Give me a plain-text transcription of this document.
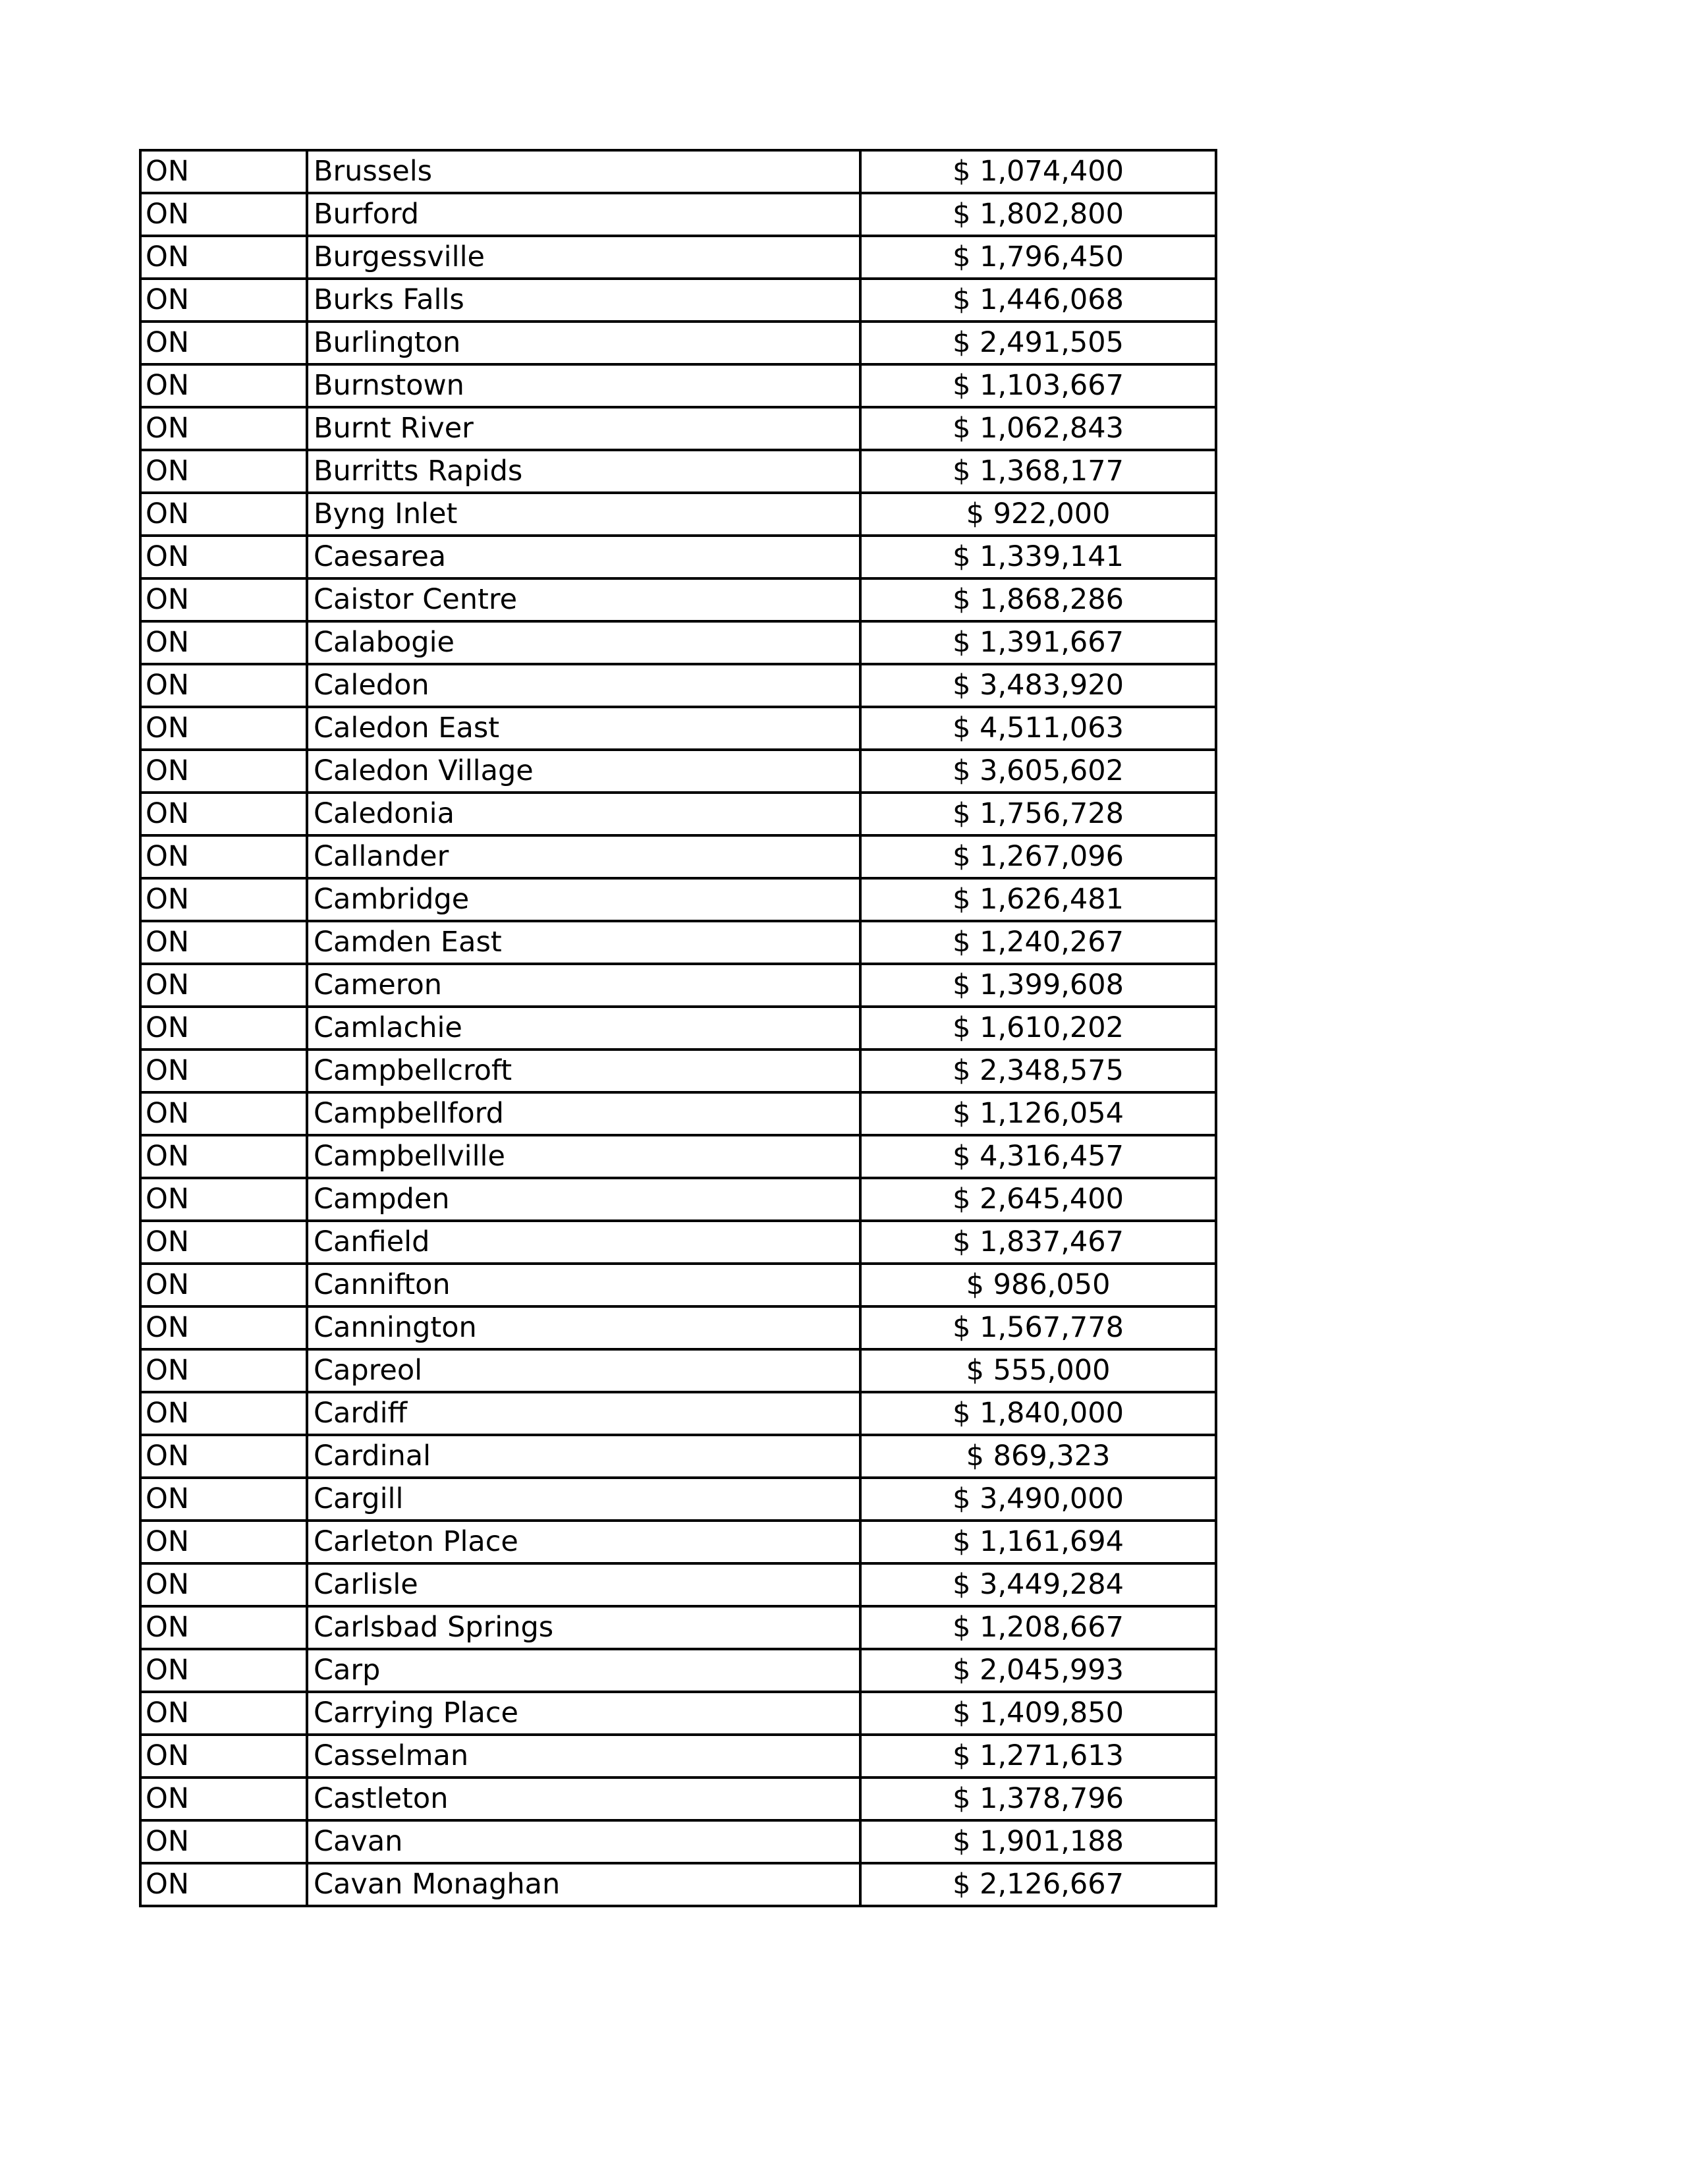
ON	Brussels	$ 1,074,400
ON	Burford	$ 1,802,800
ON	Burgessville	$ 1,796,450
ON	Burks Falls	$ 1,446,068
ON	Burlington	$ 2,491,505
ON	Burnstown	$ 1,103,667
ON	Burnt River	$ 1,062,843
ON	Burritts Rapids	$ 1,368,177
ON	Byng Inlet	$ 922,000
ON	Caesarea	$ 1,339,141
ON	Caistor Centre	$ 1,868,286
ON	Calabogie	$ 1,391,667
ON	Caledon	$ 3,483,920
ON	Caledon East	$ 4,511,063
ON	Caledon Village	$ 3,605,602
ON	Caledonia	$ 1,756,728
ON	Callander	$ 1,267,096
ON	Cambridge	$ 1,626,481
ON	Camden East	$ 1,240,267
ON	Cameron	$ 1,399,608
ON	Camlachie	$ 1,610,202
ON	Campbellcroft	$ 2,348,575
ON	Campbellford	$ 1,126,054
ON	Campbellville	$ 4,316,457
ON	Campden	$ 2,645,400
ON	Canfield	$ 1,837,467
ON	Cannifton	$ 986,050
ON	Cannington	$ 1,567,778
ON	Capreol	$ 555,000
ON	Cardiff	$ 1,840,000
ON	Cardinal	$ 869,323
ON	Cargill	$ 3,490,000
ON	Carleton Place	$ 1,161,694
ON	Carlisle	$ 3,449,284
ON	Carlsbad Springs	$ 1,208,667
ON	Carp	$ 2,045,993
ON	Carrying Place	$ 1,409,850
ON	Casselman	$ 1,271,613
ON	Castleton	$ 1,378,796
ON	Cavan	$ 1,901,188
ON	Cavan Monaghan	$ 2,126,667
